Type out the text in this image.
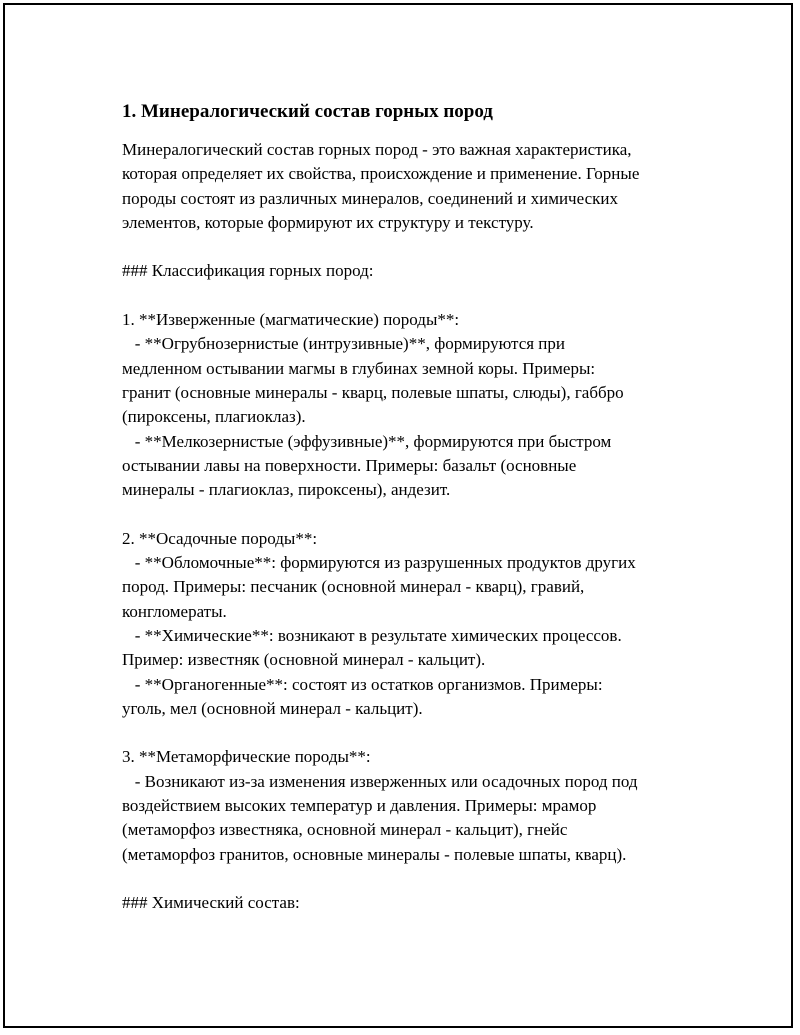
1. Минералогический состав горных пород

Минералогический состав горных пород - это важная характеристика,
которая определяет их свойства, происхождение и применение. Горные
породы состоят из различных минералов, соединений и химических
элементов, которые формируют их структуру и текстуру.

### Классификация горных пород:

1. **Изверженные (магматические) породы**:
- **Огрубнозернистые (интрузивные)**, формируются при
медленном остывании магмы в глубинах земной коры. Примеры:
гранит (основные минералы - кварц, полевые шпаты, слюды), габбро
(пироксены, плагиоклаз).
- **Мелкозернистые (эффузивные)**, формируются при быстром
остывании лавы на поверхности. Примеры: базальт (основные
минералы - плагиоклаз, пироксены), андезит.

2. **Осадочные породы**:
- **Обломочные**: формируются из разрушенных продуктов других
пород. Примеры: песчаник (основной минерал - кварц), гравий,
конгломераты.
- **Химические**: возникают в результате химических процессов.
Пример: известняк (основной минерал - кальцит).
- **Органогенные**: состоят из остатков организмов. Примеры:
уголь, мел (основной минерал - кальцит).

3. **Метаморфические породы**:
- Возникают из-за изменения изверженных или осадочных пород под
воздействием высоких температур и давления. Примеры: мрамор
(метаморфоз известняка, основной минерал - кальцит), гнейс
(метаморфоз гранитов, основные минералы - полевые шпаты, кварц).

### Химический состав:
